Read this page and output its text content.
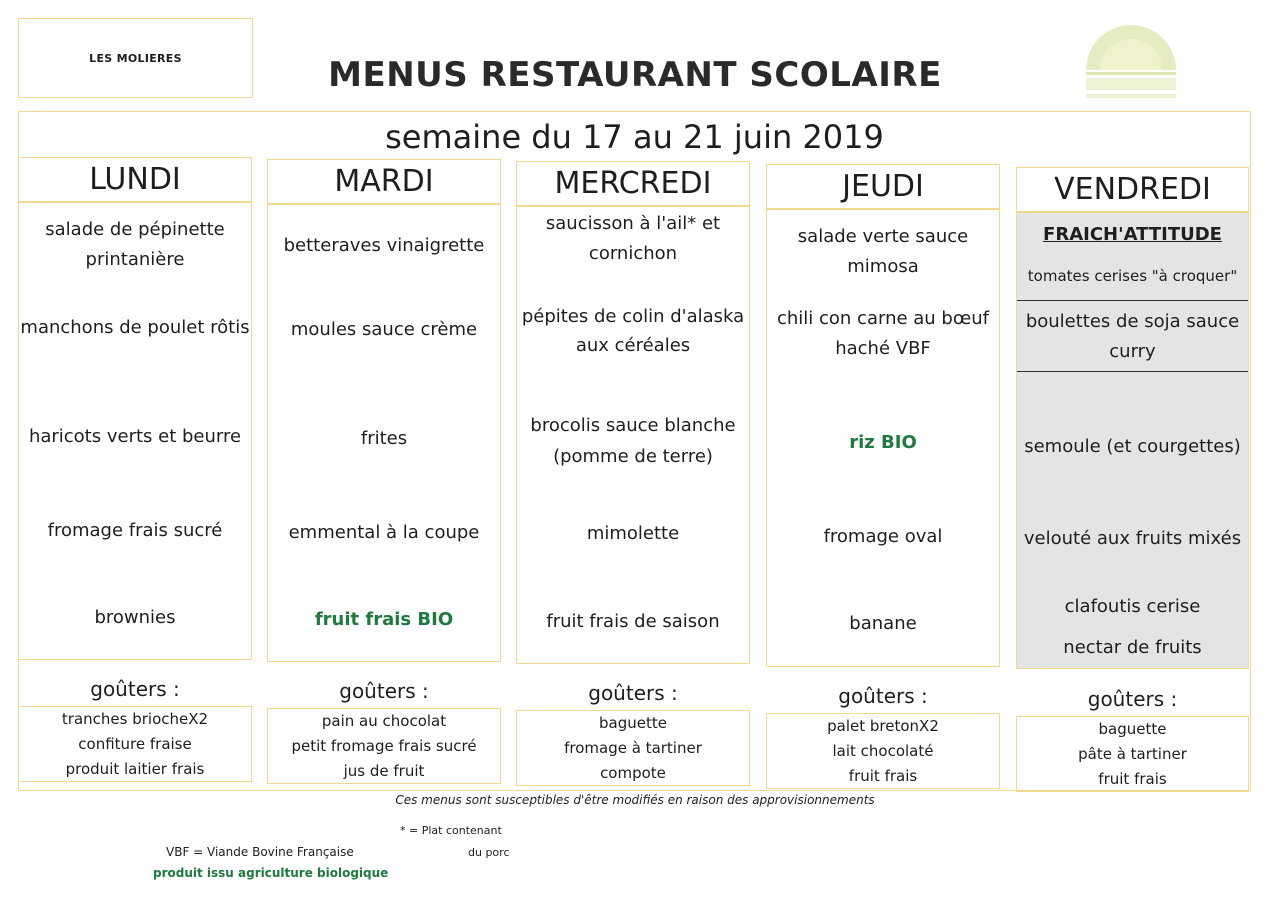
LES MOLIERES	MENUS RESTAURANT SCOLAIRE
semaine du 17 au 21 juin 2019
LUNDI
salade de pépinette
printanière
manchons de poulet rôtis
haricots verts et beurre
fromage frais sucré
brownies
goûters :
tranches briocheX2
confiture fraise
produit laitier frais
MARDI
betteraves vinaigrette
moules sauce crème
frites
emmental à la coupe
fruit frais BIO
goûters :
pain au chocolat
petit fromage frais sucré
jus de fruit
MERCREDI
saucisson à l'ail* et
cornichon
pépites de colin d'alaska
aux céréales
brocolis sauce blanche
(pomme de terre)
mimolette
fruit frais de saison
goûters :
baguette
fromage à tartiner
compote
JEUDI
salade verte sauce
mimosa
chili con carne au bœuf
haché VBF
riz BIO
fromage oval
banane
goûters :
palet bretonX2
lait chocolaté
fruit frais
VENDREDI
FRAICH'ATTITUDE
tomates cerises "à croquer"
boulettes de soja sauce
curry
semoule (et courgettes)
velouté aux fruits mixés
clafoutis cerise
nectar de fruits
goûters :
baguette
pâte à tartiner
fruit frais
Ces menus sont susceptibles d'être modifiés en raison des approvisionnements
* = Plat contenant
du porc
VBF = Viande Bovine Française
produit issu agriculture biologique
